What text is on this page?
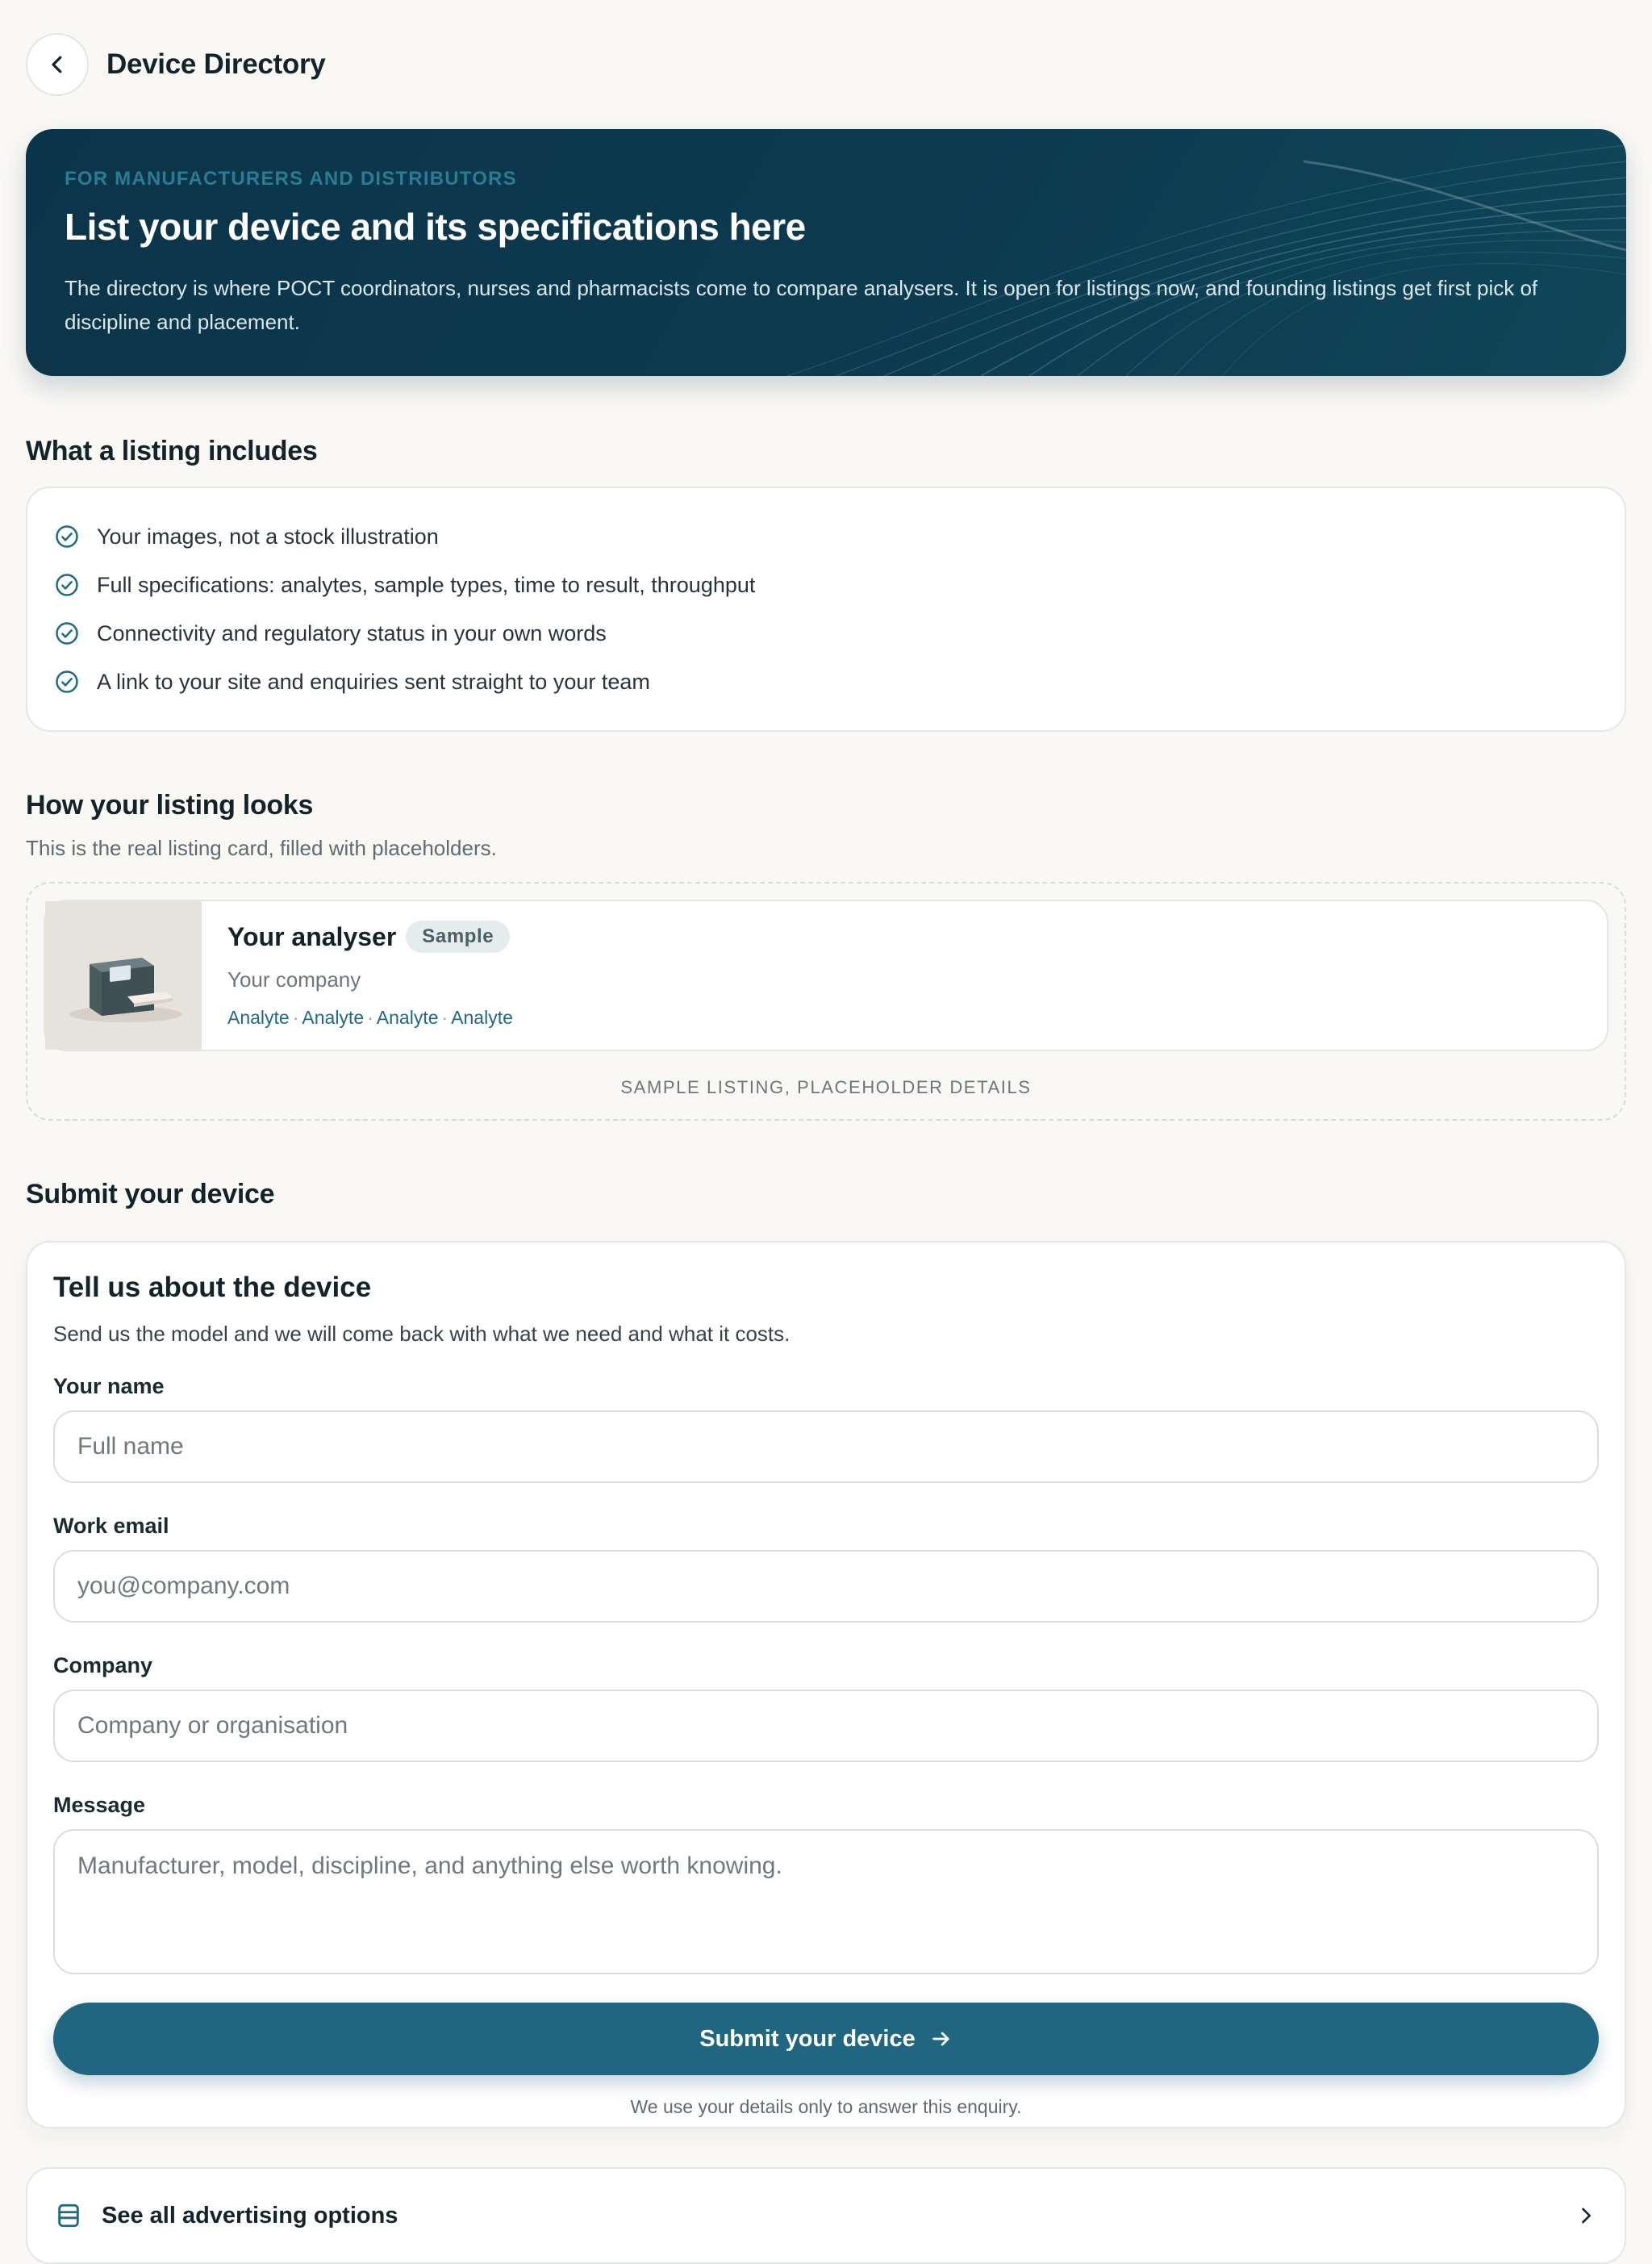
Device Directory
FOR MANUFACTURERS AND DISTRIBUTORS
List your device and its specifications here
The directory is where POCT coordinators, nurses and pharmacists come to compare analysers. It is open for listings now, and founding listings get first pick of discipline and placement.
What a listing includes
Your images, not a stock illustration
Full specifications: analytes, sample types, time to result, throughput
Connectivity and regulatory status in your own words
A link to your site and enquiries sent straight to your team
How your listing looks
This is the real listing card, filled with placeholders.
Your analyser	Sample
Your company
Analyte · Analyte · Analyte · Analyte
SAMPLE LISTING, PLACEHOLDER DETAILS
Submit your device
Tell us about the device
Send us the model and we will come back with what we need and what it costs.
Your name
Full name
Work email
you@company.com
Company
Company or organisation
Message
Manufacturer, model, discipline, and anything else worth knowing.
Submit your device
We use your details only to answer this enquiry.
See all advertising options
